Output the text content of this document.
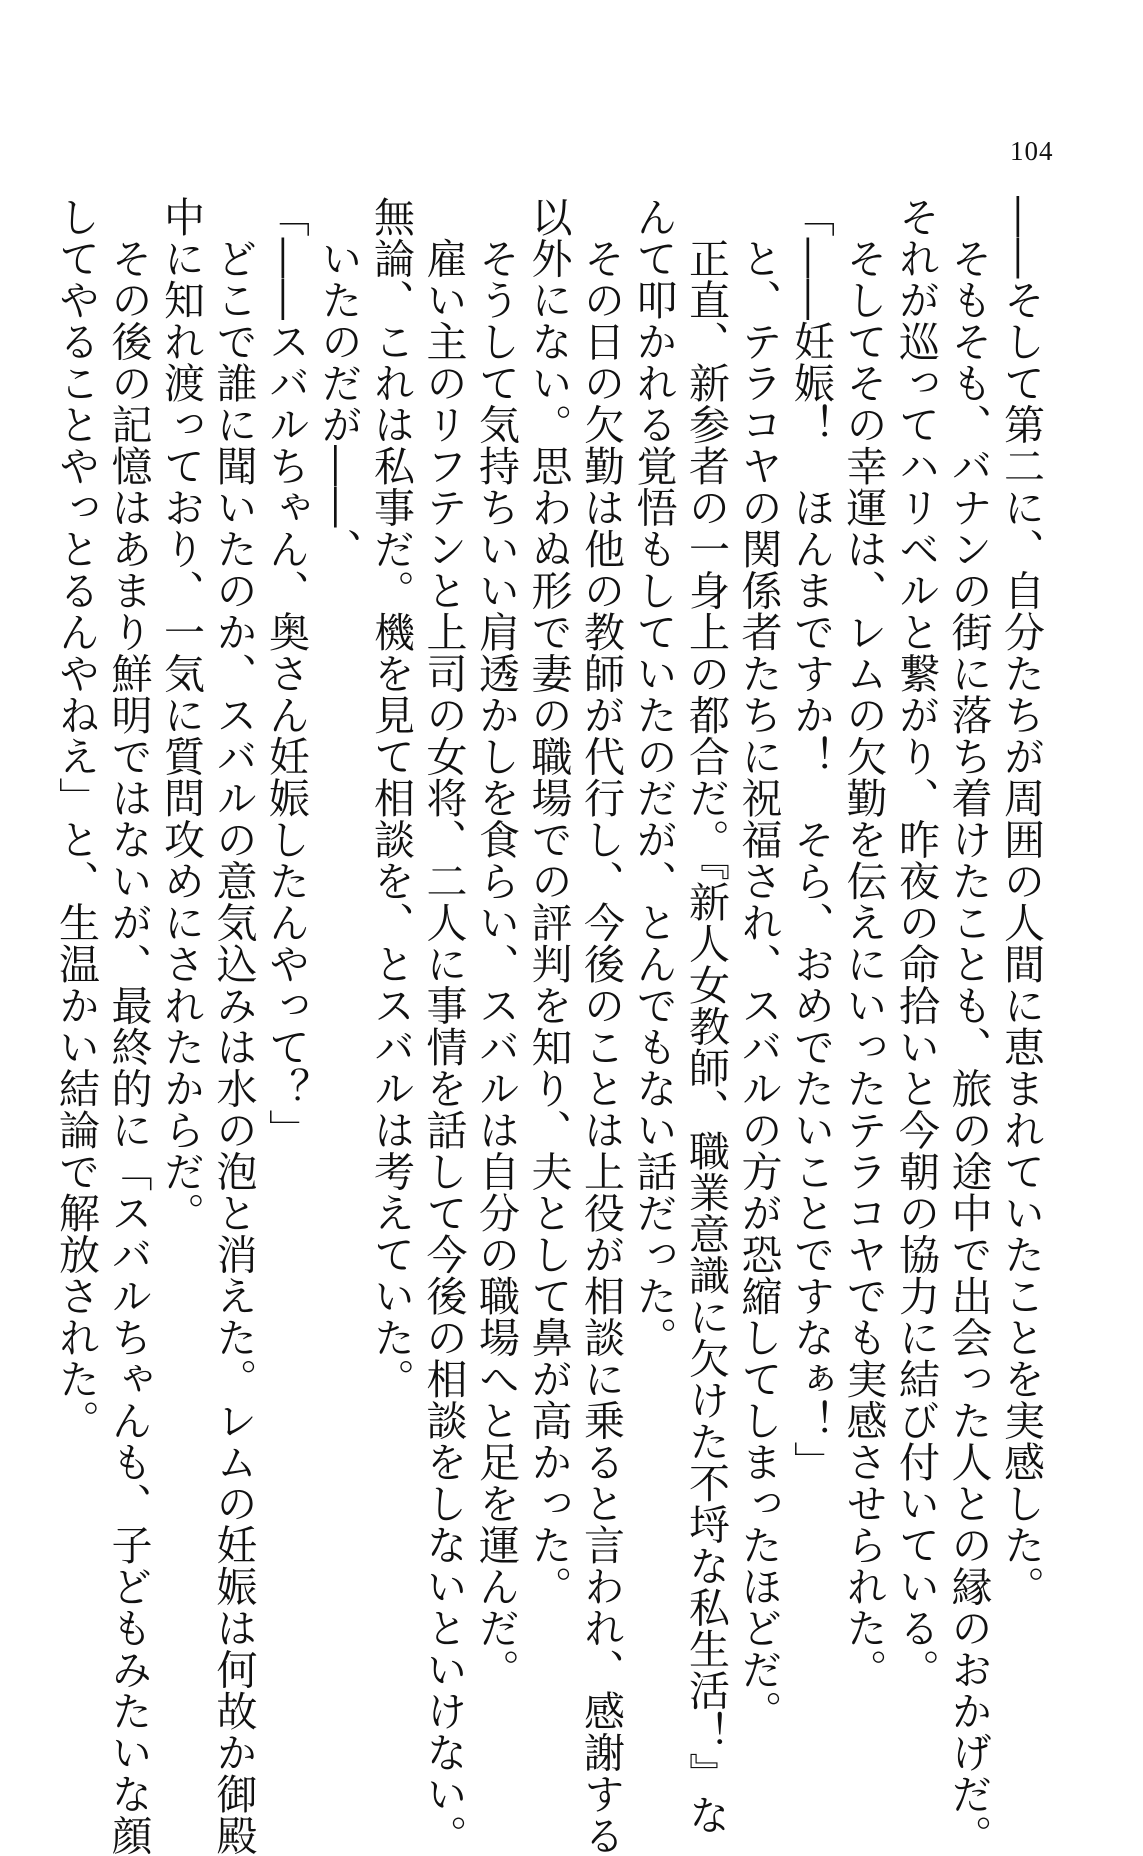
104
――そして第二に、自分たちが周囲の人間に恵まれていたことを実感した。
　そもそも、バナンの街に落ち着けたことも、旅の途中で出会った人との縁のおかげだ。
それが巡ってハリベルと繋がり、昨夜の命拾いと今朝の協力に結び付いている。
　そしてその幸運は、レムの欠勤を伝えにいったテラコヤでも実感させられた。
「――妊娠！　ほんまですか！　そら、おめでたいことですなぁ！」
　と、テラコヤの関係者たちに祝福され、スバルの方が恐縮してしまったほどだ。
　正直、新参者の一身上の都合だ。『新人女教師、職業意識に欠けた不埒な私生活！』な
んて叩かれる覚悟もしていたのだが、とんでもない話だった。
　その日の欠勤は他の教師が代行し、今後のことは上役が相談に乗ると言われ、感謝する
以外にない。思わぬ形で妻の職場での評判を知り、夫として鼻が高かった。
　そうして気持ちいい肩透かしを食らい、スバルは自分の職場へと足を運んだ。
　雇い主のリフテンと上司の女将、二人に事情を話して今後の相談をしないといけない。
無論、これは私事だ。機を見て相談を、とスバルは考えていた。
　いたのだが――、
「――スバルちゃん、奥さん妊娠したんやって？」
　どこで誰に聞いたのか、スバルの意気込みは水の泡と消えた。レムの妊娠は何故か御殿
中に知れ渡っており、一気に質問攻めにされたからだ。
　その後の記憶はあまり鮮明ではないが、最終的に「スバルちゃんも、子どもみたいな顔
してやることやっとるんやねえ」と、生温かい結論で解放された。
